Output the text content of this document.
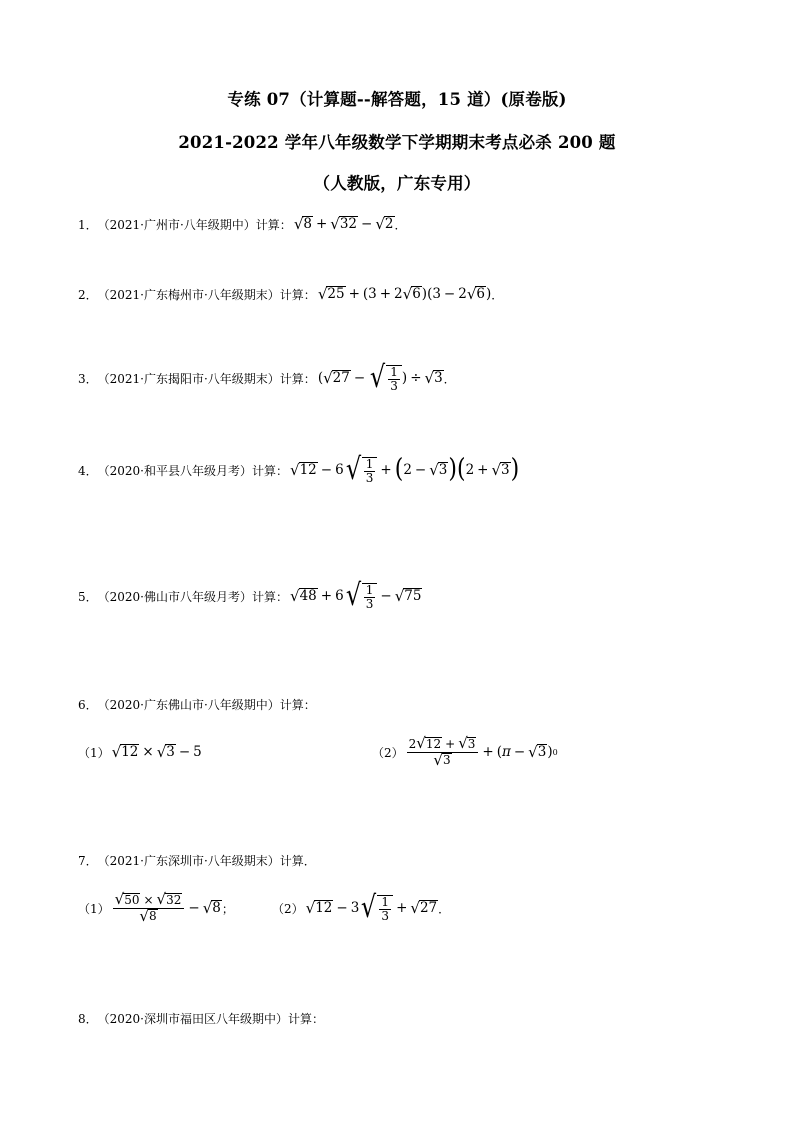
专练 07（计算题--解答题，15 道）(原卷版)
2021-2022 学年八年级数学下学期期末考点必杀 200 题
（人教版，广东专用）
1． （2021·广州市·八年级期中）计算： √ 8 + √ 32 − √ 2 ．
2． （2021·广东梅州市·八年级期末）计算： √ 25 + (3 + 2 √ 6 )(3 − 2 √ 6 ) ．
3． （2021·广东揭阳市·八年级期末）计算： ( √ 27 − √ $\frac{1}{3}$ ) ÷ √ 3 ．
4． （2020·和平县八年级月考）计算： √ 12 − 6 √ $\frac{1}{3}$ + ( 2 − √ 3 ) ( 2 + √ 3 )
5． （2020·佛山市八年级月考）计算： √ 48 + 6 √ $\frac{1}{3}$ − √ 75
6． （2020·广东佛山市·八年级期中）计算：
（1） √ 12 × √ 3 − 5	$(2) \frac{2 √ 12 + √ 3}{√ 3}$ + ( π − √ 3 ) 0
7． （2021·广东深圳市·八年级期末）计算．
$(1) \frac{√ 50 \times √ 32}{√ 8}$ − √ 8 ；	（2） √ 12 − 3 √ $\frac{1}{3}$ + √ 27 ．
8． （2020·深圳市福田区八年级期中）计算：
